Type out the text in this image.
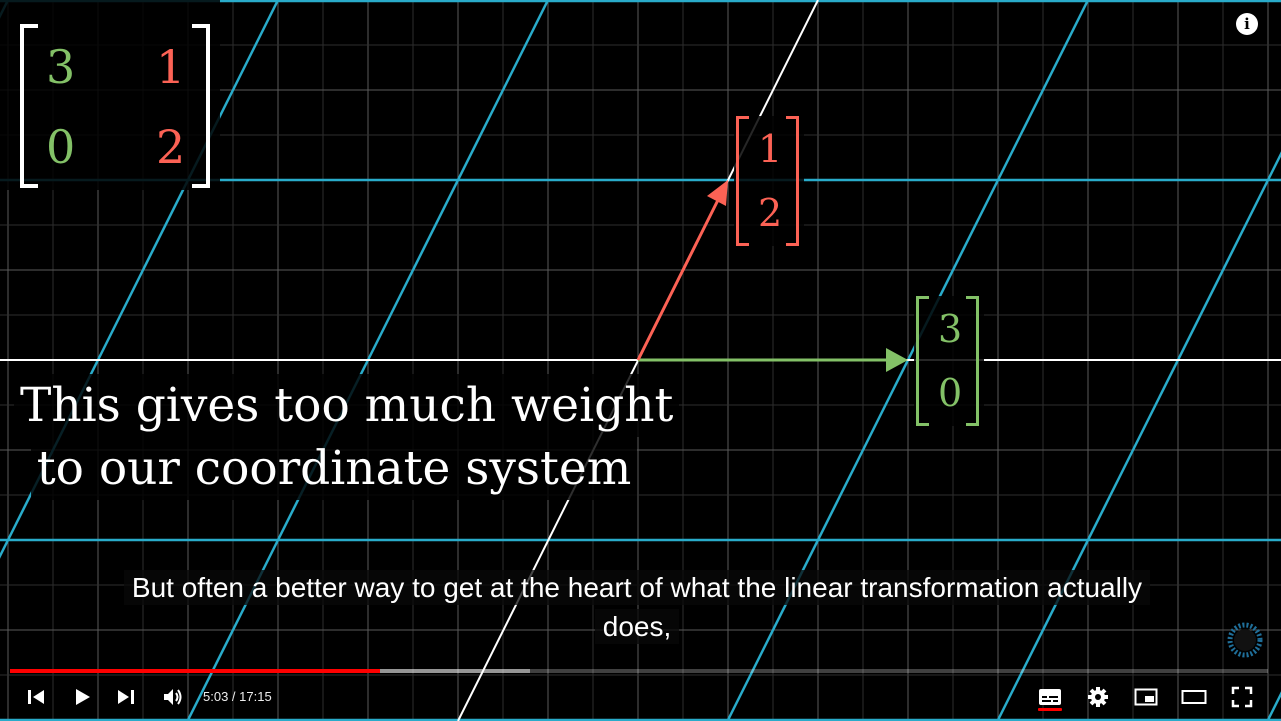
3
0
1
2	1
2
3
0
This gives too much weight
to our coordinate system
i
But often a better way to get at the heart of what the linear transformation actually
does,
5:03 / 17:15
